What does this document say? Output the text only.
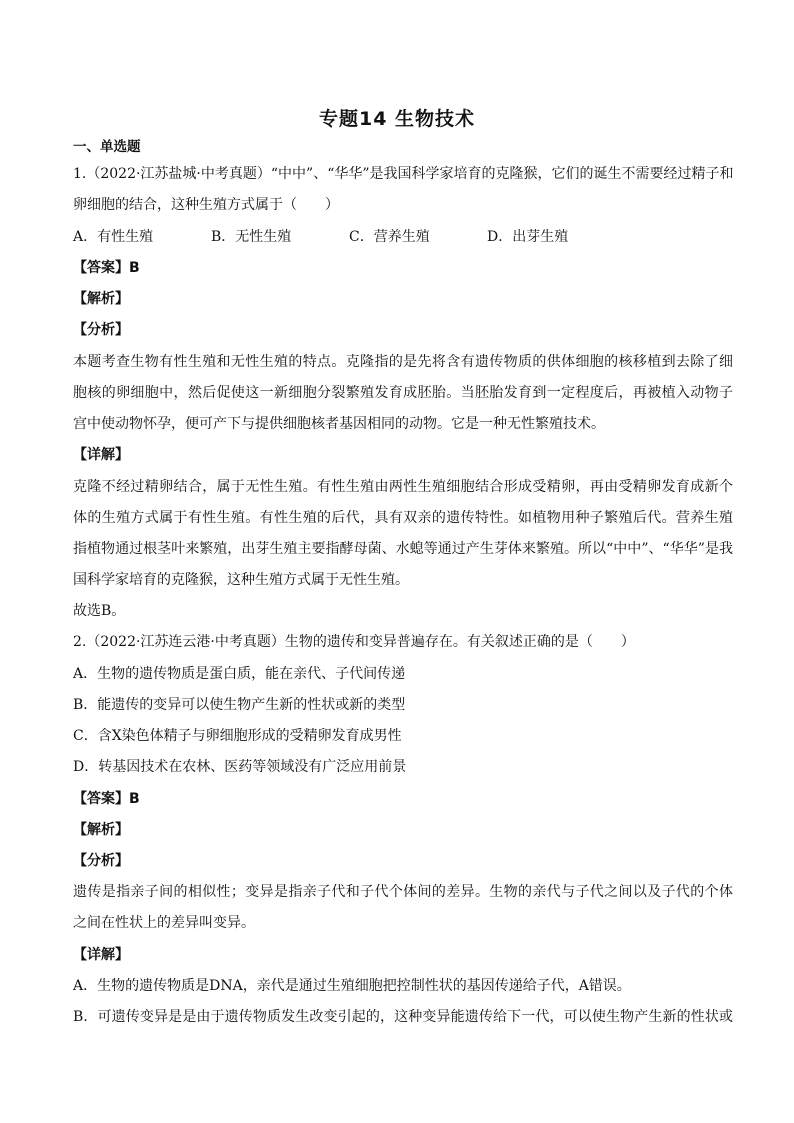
专题14 生物技术
一、单选题
1.（2022·江苏盐城·中考真题）“中中”、“华华”是我国科学家培育的克隆猴，它们的诞生不需要经过精子和
卵细胞的结合，这种生殖方式属于（　　）
A．有性生殖	B．无性生殖	C．营养生殖	D．出芽生殖
【答案】B
【解析】
【分析】
本题考查生物有性生殖和无性生殖的特点。克隆指的是先将含有遗传物质的供体细胞的核移植到去除了细
胞核的卵细胞中，然后促使这一新细胞分裂繁殖发育成胚胎。当胚胎发育到一定程度后，再被植入动物子
宫中使动物怀孕，便可产下与提供细胞核者基因相同的动物。它是一种无性繁殖技术。
【详解】
克隆不经过精卵结合，属于无性生殖。有性生殖由两性生殖细胞结合形成受精卵，再由受精卵发育成新个
体的生殖方式属于有性生殖。有性生殖的后代，具有双亲的遗传特性。如植物用种子繁殖后代。营养生殖
指植物通过根茎叶来繁殖，出芽生殖主要指酵母菌、水螅等通过产生芽体来繁殖。所以“中中”、“华华”是我
国科学家培育的克隆猴，这种生殖方式属于无性生殖。
故选B。
2.（2022·江苏连云港·中考真题）生物的遗传和变异普遍存在。有关叙述正确的是（　　）
A．生物的遗传物质是蛋白质，能在亲代、子代间传递
B．能遗传的变异可以使生物产生新的性状或新的类型
C．含X染色体精子与卵细胞形成的受精卵发育成男性
D．转基因技术在农林、医药等领域没有广泛应用前景
【答案】B
【解析】
【分析】
遗传是指亲子间的相似性；变异是指亲子代和子代个体间的差异。生物的亲代与子代之间以及子代的个体
之间在性状上的差异叫变异。
【详解】
A．生物的遗传物质是DNA，亲代是通过生殖细胞把控制性状的基因传递给子代，A错误。
B．可遗传变异是是由于遗传物质发生改变引起的，这种变异能遗传给下一代，可以使生物产生新的性状或
